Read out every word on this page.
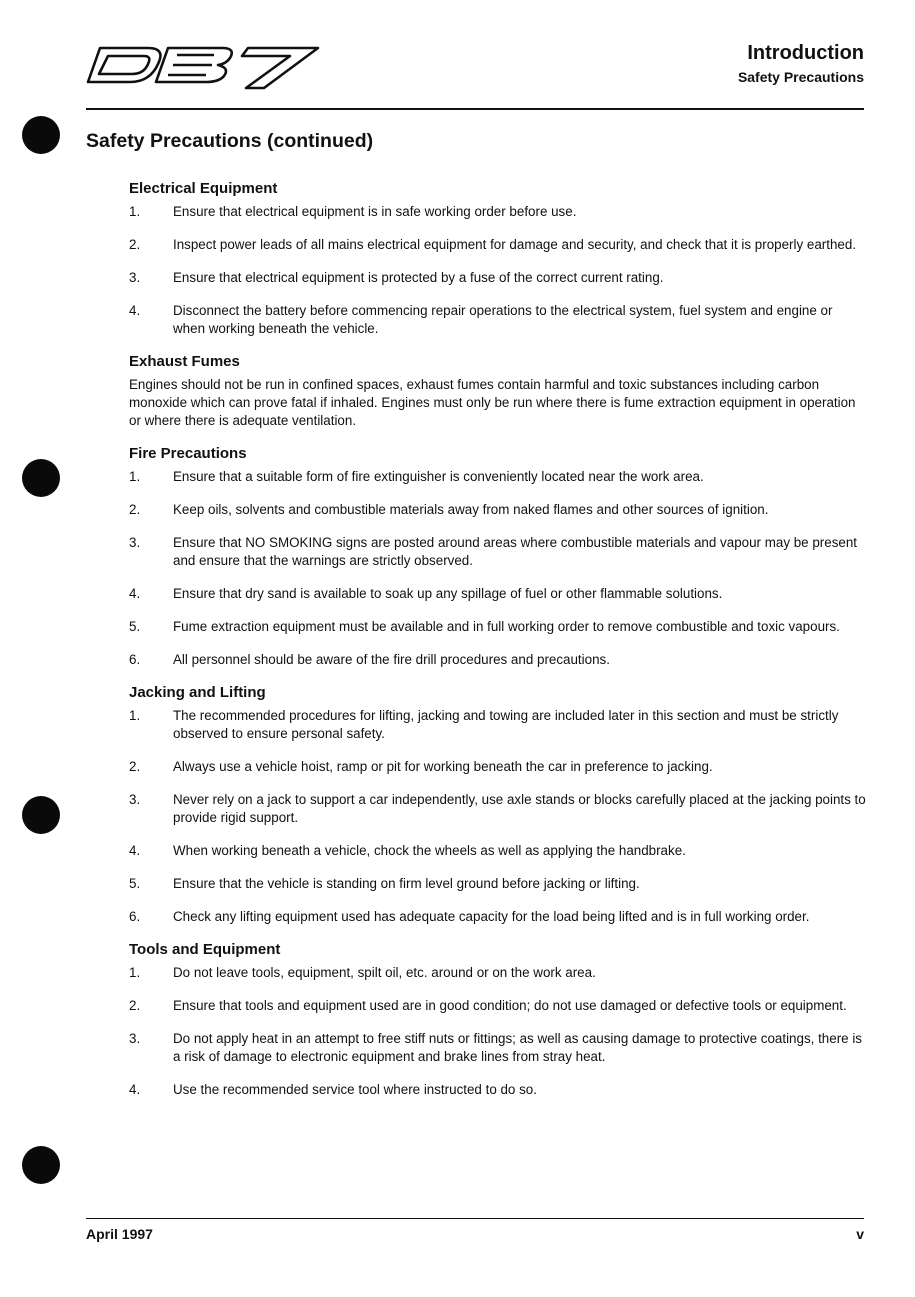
Introduction
Safety Precautions
Safety Precautions (continued)
Electrical Equipment
1. Ensure that electrical equipment is in safe working order before use.
2. Inspect power leads of all mains electrical equipment for damage and security, and check that it is properly earthed.
3. Ensure that electrical equipment is protected by a fuse of the correct current rating.
4. Disconnect the battery before commencing repair operations to the electrical system, fuel system and engine or when working beneath the vehicle.
Exhaust Fumes
Engines should not be run in confined spaces, exhaust fumes contain harmful and toxic substances including carbon monoxide which can prove fatal if inhaled. Engines must only be run where there is fume extraction equipment in operation or where there is adequate ventilation.
Fire Precautions
1. Ensure that a suitable form of fire extinguisher is conveniently located near the work area.
2. Keep oils, solvents and combustible materials away from naked flames and other sources of ignition.
3. Ensure that NO SMOKING signs are posted around areas where combustible materials and vapour may be present and ensure that the warnings are strictly observed.
4. Ensure that dry sand is available to soak up any spillage of fuel or other flammable solutions.
5. Fume extraction equipment must be available and in full working order to remove combustible and toxic vapours.
6. All personnel should be aware of the fire drill procedures and precautions.
Jacking and Lifting
1. The recommended procedures for lifting, jacking and towing are included later in this section and must be strictly observed to ensure personal safety.
2. Always use a vehicle hoist, ramp or pit for working beneath the car in preference to jacking.
3. Never rely on a jack to support a car independently, use axle stands or blocks carefully placed at the jacking points to provide rigid support.
4. When working beneath a vehicle, chock the wheels as well as applying the handbrake.
5. Ensure that the vehicle is standing on firm level ground before jacking or lifting.
6. Check any lifting equipment used has adequate capacity for the load being lifted and is in full working order.
Tools and Equipment
1. Do not leave tools, equipment, spilt oil, etc. around or on the work area.
2. Ensure that tools and equipment used are in good condition; do not use damaged or defective tools or equipment.
3. Do not apply heat in an attempt to free stiff nuts or fittings; as well as causing damage to protective coatings, there is a risk of damage to electronic equipment and brake lines from stray heat.
4. Use the recommended service tool where instructed to do so.
April 1997	v
